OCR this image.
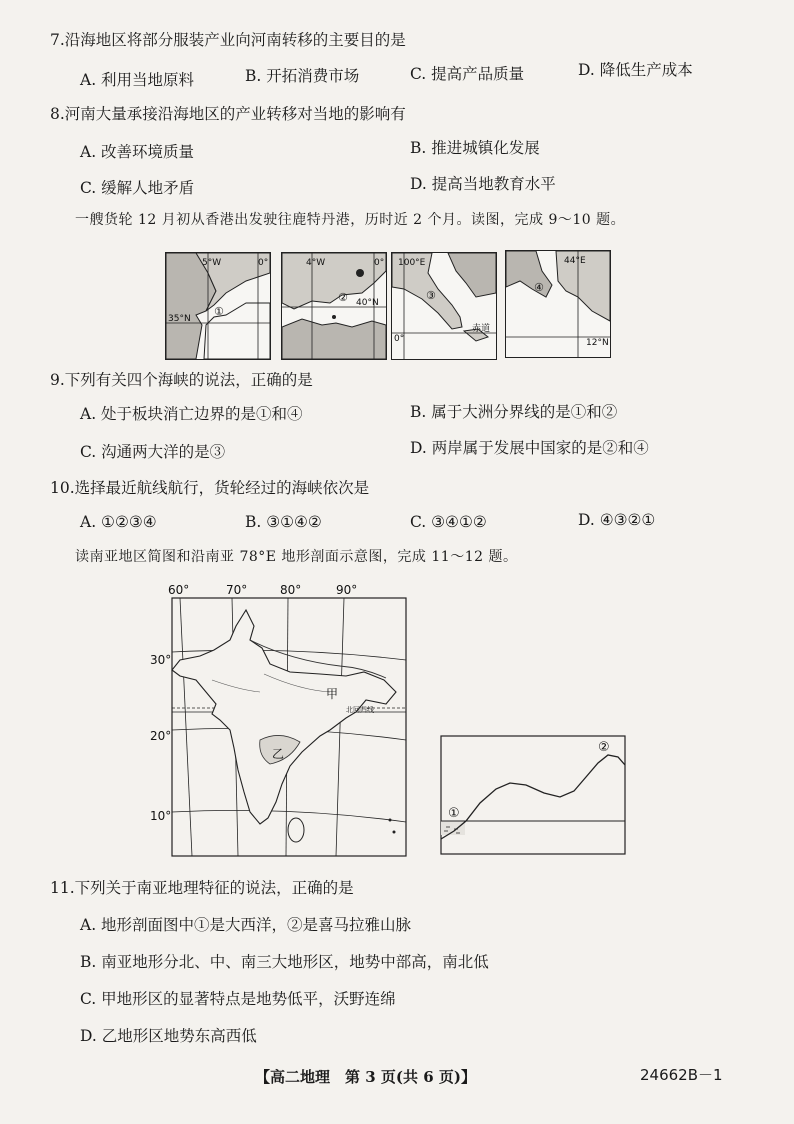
7.沿海地区将部分服装产业向河南转移的主要目的是
A. 利用当地原料	B. 开拓消费市场	C. 提高产品质量	D. 降低生产成本
8.河南大量承接沿海地区的产业转移对当地的影响有
A. 改善环境质量	B. 推进城镇化发展
C. 缓解人地矛盾	D. 提高当地教育水平
一艘货轮 12 月初从香港出发驶往鹿特丹港，历时近 2 个月。读图，完成 9～10 题。
5°W	0°
35°N
①
4°W	0°
40°N
②
100°E
③
0°
赤道
44°E
④
12°N
9.下列有关四个海峡的说法，正确的是
A. 处于板块消亡边界的是①和④	B. 属于大洲分界线的是①和②
C. 沟通两大洋的是③	D. 两岸属于发展中国家的是②和④
10.选择最近航线航行，货轮经过的海峡依次是
A. ①②③④	B. ③①④②	C. ③④①②	D. ④③②①
读南亚地区简图和沿南亚 78°E 地形剖面示意图，完成 11～12 题。
60°	70°	80°	90°
30°
20°
10°
甲
乙
北回归线
①
②
11.下列关于南亚地理特征的说法，正确的是
A. 地形剖面图中①是大西洋，②是喜马拉雅山脉
B. 南亚地形分北、中、南三大地形区，地势中部高，南北低
C. 甲地形区的显著特点是地势低平，沃野连绵
D. 乙地形区地势东高西低
【高二地理　第 3 页(共 6 页)】	24662B－1
